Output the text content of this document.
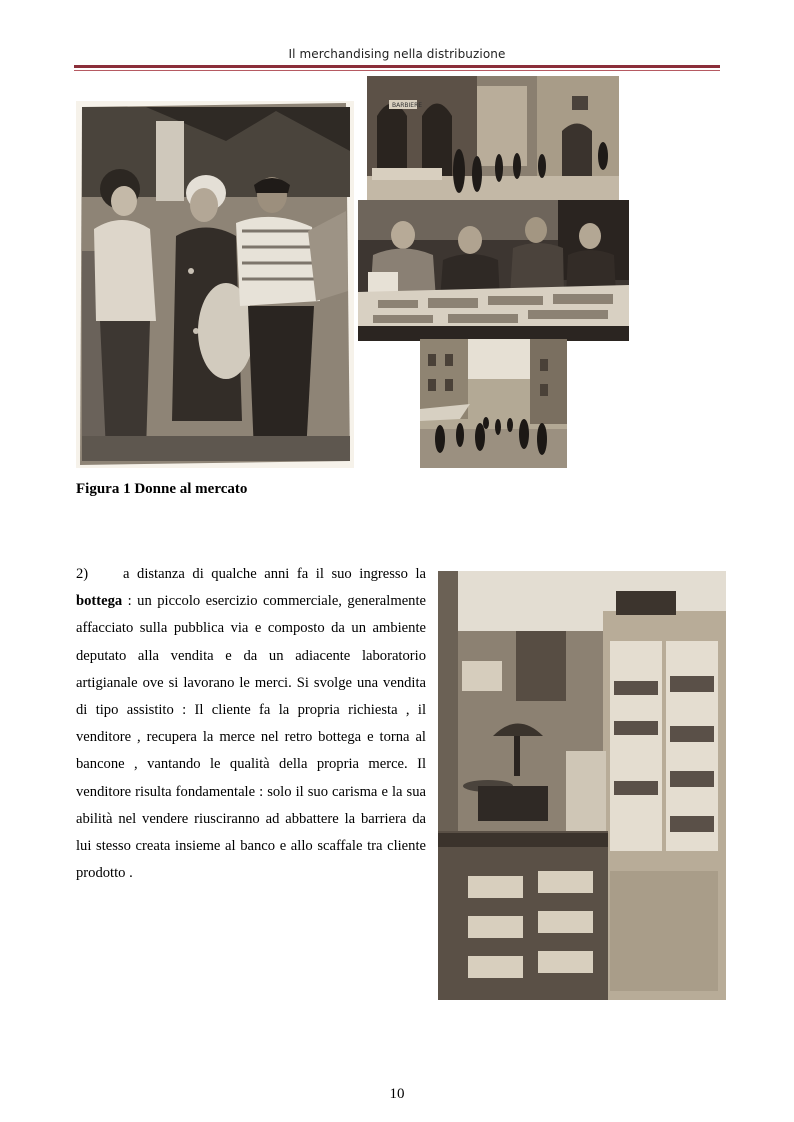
Il merchandising nella distribuzione
BARBIERE
Figura 1 Donne al mercato
2) a distanza di qualche anni fa il suo ingresso la bottega : un piccolo esercizio commerciale, generalmente affacciato sulla pubblica via e composto da un ambiente deputato alla vendita e da un adiacente laboratorio artigianale ove si lavorano le merci. Si svolge una vendita di tipo assistito : Il cliente fa la propria richiesta , il venditore , recupera la merce nel retro bottega e torna al bancone , vantando le qualità della propria merce. Il venditore risulta fondamentale : solo il suo carisma e la sua abilità nel vendere riusciranno ad abbattere la barriera da lui stesso creata insieme al banco e allo scaffale tra cliente prodotto .
10
